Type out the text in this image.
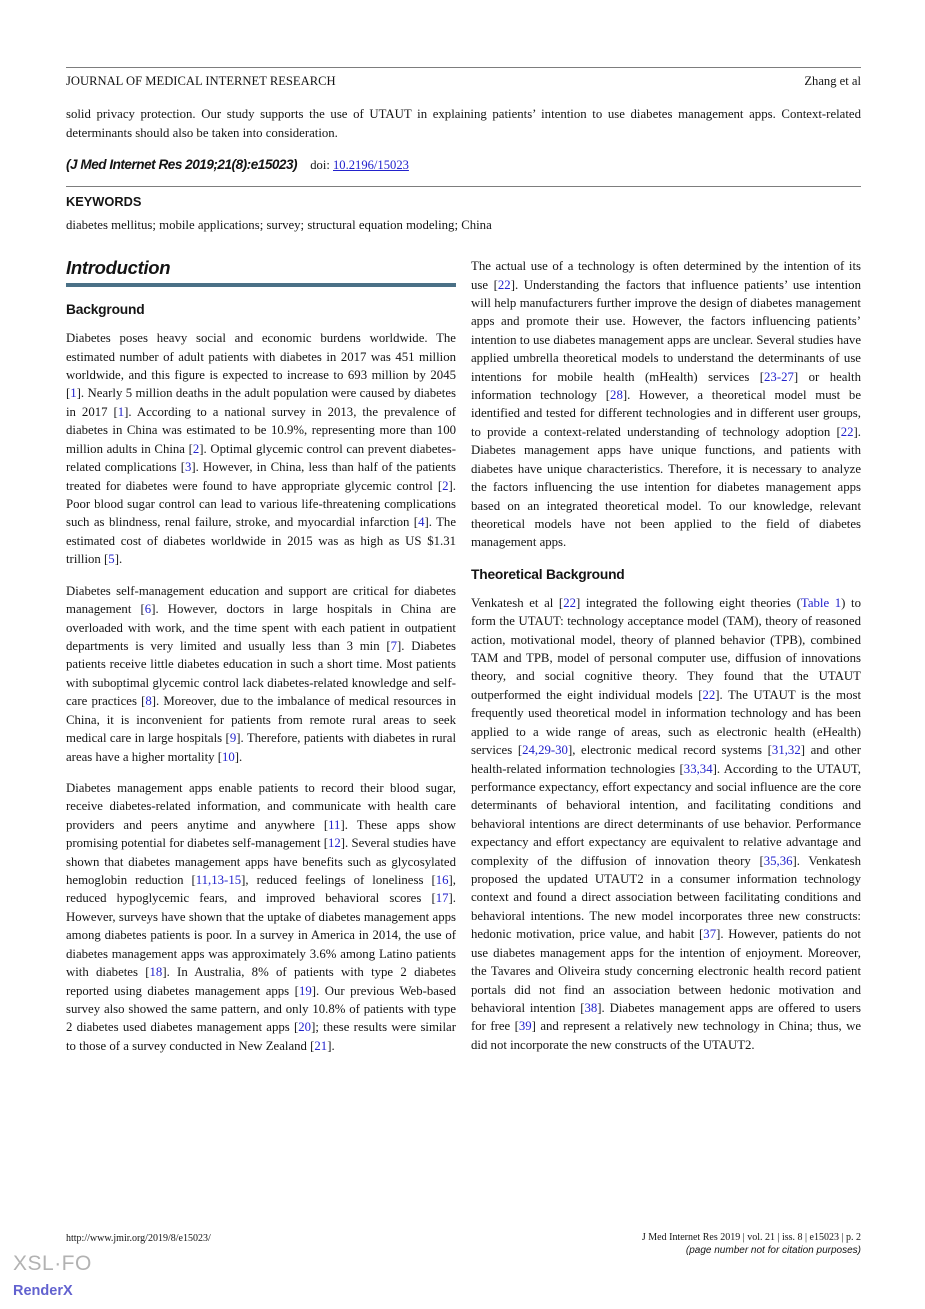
JOURNAL OF MEDICAL INTERNET RESEARCH	Zhang et al
solid privacy protection. Our study supports the use of UTAUT in explaining patients’ intention to use diabetes management apps. Context-related determinants should also be taken into consideration.
(J Med Internet Res 2019;21(8):e15023) doi: 10.2196/15023
KEYWORDS
diabetes mellitus; mobile applications; survey; structural equation modeling; China
Introduction
Background

Diabetes poses heavy social and economic burdens worldwide. The estimated number of adult patients with diabetes in 2017 was 451 million worldwide, and this figure is expected to increase to 693 million by 2045 [1]. Nearly 5 million deaths in the adult population were caused by diabetes in 2017 [1]. According to a national survey in 2013, the prevalence of diabetes in China was estimated to be 10.9%, representing more than 100 million adults in China [2]. Optimal glycemic control can prevent diabetes-related complications [3]. However, in China, less than half of the patients treated for diabetes were found to have appropriate glycemic control [2]. Poor blood sugar control can lead to various life-threatening complications such as blindness, renal failure, stroke, and myocardial infarction [4]. The estimated cost of diabetes worldwide in 2015 was as high as US $1.31 trillion [5].

Diabetes self-management education and support are critical for diabetes management [6]. However, doctors in large hospitals in China are overloaded with work, and the time spent with each patient in outpatient departments is very limited and usually less than 3 min [7]. Diabetes patients receive little diabetes education in such a short time. Most patients with suboptimal glycemic control lack diabetes-related knowledge and self-care practices [8]. Moreover, due to the imbalance of medical resources in China, it is inconvenient for patients from remote rural areas to seek medical care in large hospitals [9]. Therefore, patients with diabetes in rural areas have a higher mortality [10].

Diabetes management apps enable patients to record their blood sugar, receive diabetes-related information, and communicate with health care providers and peers anytime and anywhere [11]. These apps show promising potential for diabetes self-management [12]. Several studies have shown that diabetes management apps have benefits such as glycosylated hemoglobin reduction [11,13-15], reduced feelings of loneliness [16], reduced hypoglycemic fears, and improved behavioral scores [17]. However, surveys have shown that the uptake of diabetes management apps among diabetes patients is poor. In a survey in America in 2014, the use of diabetes management apps was approximately 3.6% among Latino patients with diabetes [18]. In Australia, 8% of patients with type 2 diabetes reported using diabetes management apps [19]. Our previous Web-based survey also showed the same pattern, and only 10.8% of patients with type 2 diabetes used diabetes management apps [20]; these results were similar to those of a survey conducted in New Zealand [21].

The actual use of a technology is often determined by the intention of its use [22]. Understanding the factors that influence patients’ use intention will help manufacturers further improve the design of diabetes management apps and promote their use. However, the factors influencing patients’ intention to use diabetes management apps are unclear. Several studies have applied umbrella theoretical models to understand the determinants of use intentions for mobile health (mHealth) services [23-27] or health information technology [28]. However, a theoretical model must be identified and tested for different technologies and in different user groups, to provide a context-related understanding of technology adoption [22]. Diabetes management apps have unique functions, and patients with diabetes have unique characteristics. Therefore, it is necessary to analyze the factors influencing the use intention for diabetes management apps based on an integrated theoretical model. To our knowledge, relevant theoretical models have not been applied to the field of diabetes management apps.

Theoretical Background

Venkatesh et al [22] integrated the following eight theories (Table 1) to form the UTAUT: technology acceptance model (TAM), theory of reasoned action, motivational model, theory of planned behavior (TPB), combined TAM and TPB, model of personal computer use, diffusion of innovations theory, and social cognitive theory. They found that the UTAUT outperformed the eight individual models [22]. The UTAUT is the most frequently used theoretical model in information technology and has been applied to a wide range of areas, such as electronic health (eHealth) services [24,29-30], electronic medical record systems [31,32] and other health-related information technologies [33,34]. According to the UTAUT, performance expectancy, effort expectancy and social influence are the core determinants of behavioral intention, and facilitating conditions and behavioral intentions are direct determinants of use behavior. Performance expectancy and effort expectancy are equivalent to relative advantage and complexity of the diffusion of innovation theory [35,36]. Venkatesh proposed the updated UTAUT2 in a consumer information technology context and found a direct association between facilitating conditions and behavioral intentions. The new model incorporates three new constructs: hedonic motivation, price value, and habit [37]. However, patients do not use diabetes management apps for the intention of enjoyment. Moreover, the Tavares and Oliveira study concerning electronic health record patient portals did not find an association between hedonic motivation and behavioral intention [38]. Diabetes management apps are offered to users for free [39] and represent a relatively new technology in China; thus, we did not incorporate the new constructs of the UTAUT2.

http://www.jmir.org/2019/8/e15023/	J Med Internet Res 2019 | vol. 21 | iss. 8 | e15023 | p. 2
(page number not for citation purposes)
XSL·FO
RenderX
